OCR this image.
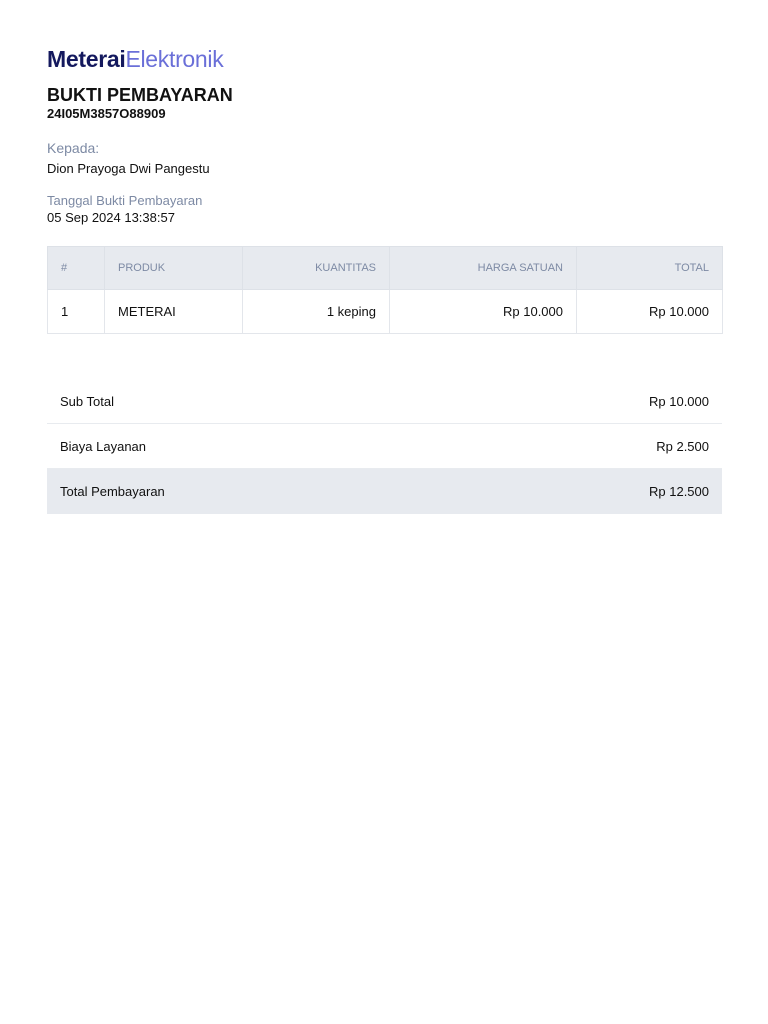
MeteraiElektronik
BUKTI PEMBAYARAN
24I05M3857O88909
Kepada:
Dion Prayoga Dwi Pangestu
Tanggal Bukti Pembayaran
05 Sep 2024 13:38:57
#	PRODUK	KUANTITAS	HARGA SATUAN	TOTAL
1	METERAI	1 keping	Rp 10.000	Rp 10.000
Sub Total	Rp 10.000
Biaya Layanan	Rp 2.500
Total Pembayaran	Rp 12.500
